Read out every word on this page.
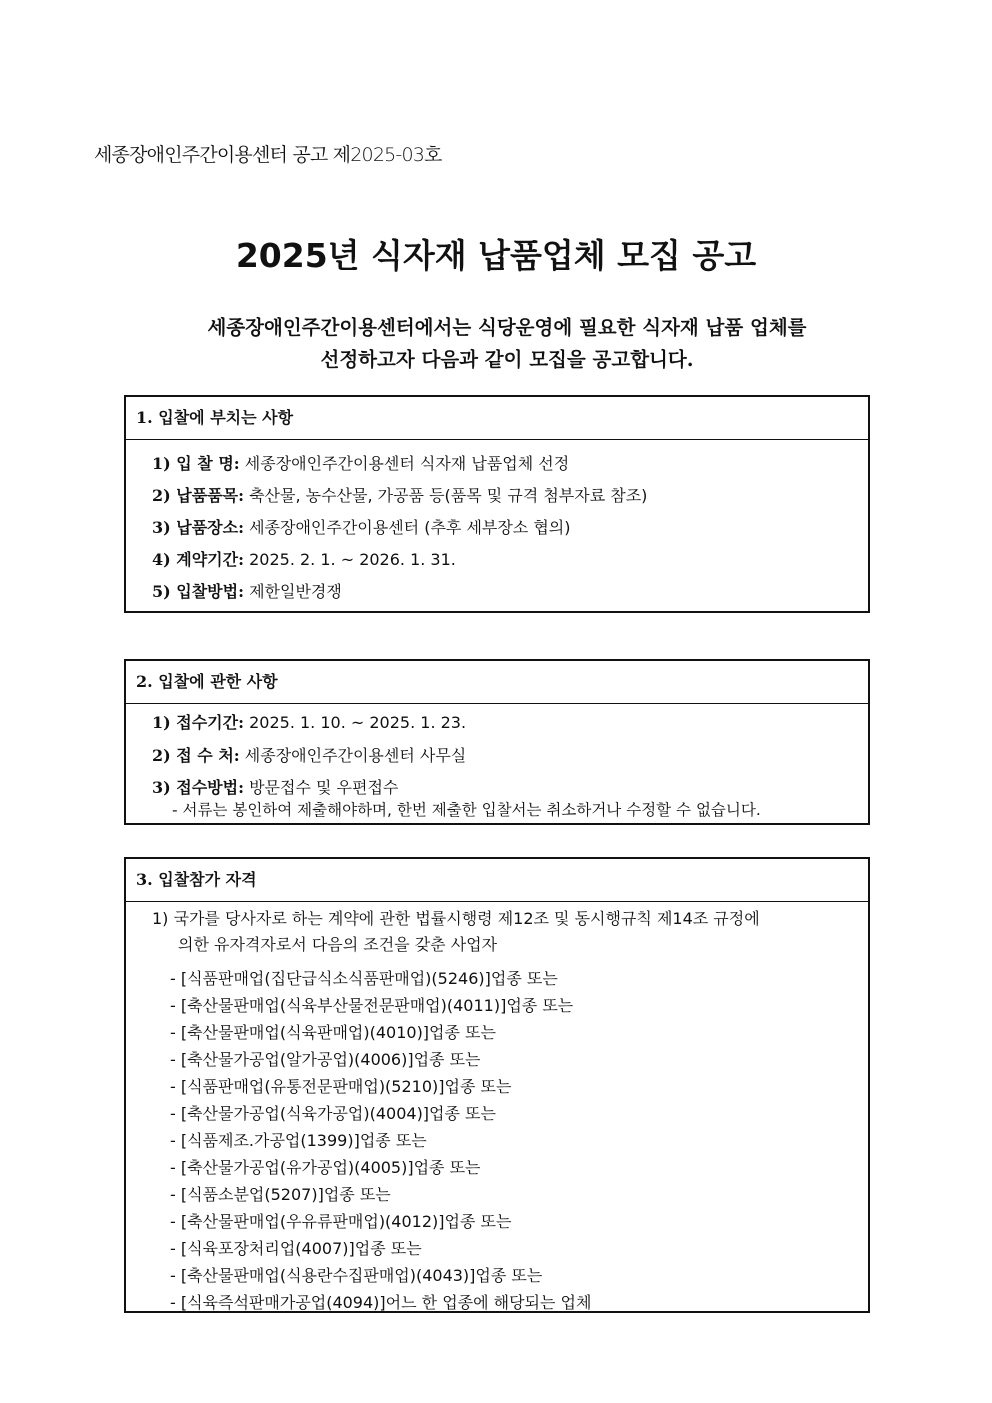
세종장애인주간이용센터 공고 제2025-03호
2025년 식자재 납품업체 모집 공고
세종장애인주간이용센터에서는 식당운영에 필요한 식자재 납품 업체를
선정하고자 다음과 같이 모집을 공고합니다.
1. 입찰에 부치는 사항
1) 입 찰 명: 세종장애인주간이용센터 식자재 납품업체 선정
2) 납품품목: 축산물, 농수산물, 가공품 등(품목 및 규격 첨부자료 참조)
3) 납품장소: 세종장애인주간이용센터 (추후 세부장소 협의)
4) 계약기간: 2025. 2. 1. ~ 2026. 1. 31.
5) 입찰방법: 제한일반경쟁
2. 입찰에 관한 사항
1) 접수기간: 2025. 1. 10. ~ 2025. 1. 23.
2) 접 수 처: 세종장애인주간이용센터 사무실
3) 접수방법: 방문접수 및 우편접수
- 서류는 봉인하여 제출해야하며, 한번 제출한 입찰서는 취소하거나 수정할 수 없습니다.
3. 입찰참가 자격
1) 국가를 당사자로 하는 계약에 관한 법률시행령 제12조 및 동시행규칙 제14조 규정에
의한 유자격자로서 다음의 조건을 갖춘 사업자
- [식품판매업(집단급식소식품판매업)(5246)]업종 또는
- [축산물판매업(식육부산물전문판매업)(4011)]업종 또는
- [축산물판매업(식육판매업)(4010)]업종 또는
- [축산물가공업(알가공업)(4006)]업종 또는
- [식품판매업(유통전문판매업)(5210)]업종 또는
- [축산물가공업(식육가공업)(4004)]업종 또는
- [식품제조.가공업(1399)]업종 또는
- [축산물가공업(유가공업)(4005)]업종 또는
- [식품소분업(5207)]업종 또는
- [축산물판매업(우유류판매업)(4012)]업종 또는
- [식육포장처리업(4007)]업종 또는
- [축산물판매업(식용란수집판매업)(4043)]업종 또는
- [식육즉석판매가공업(4094)]어느 한 업종에 해당되는 업체
